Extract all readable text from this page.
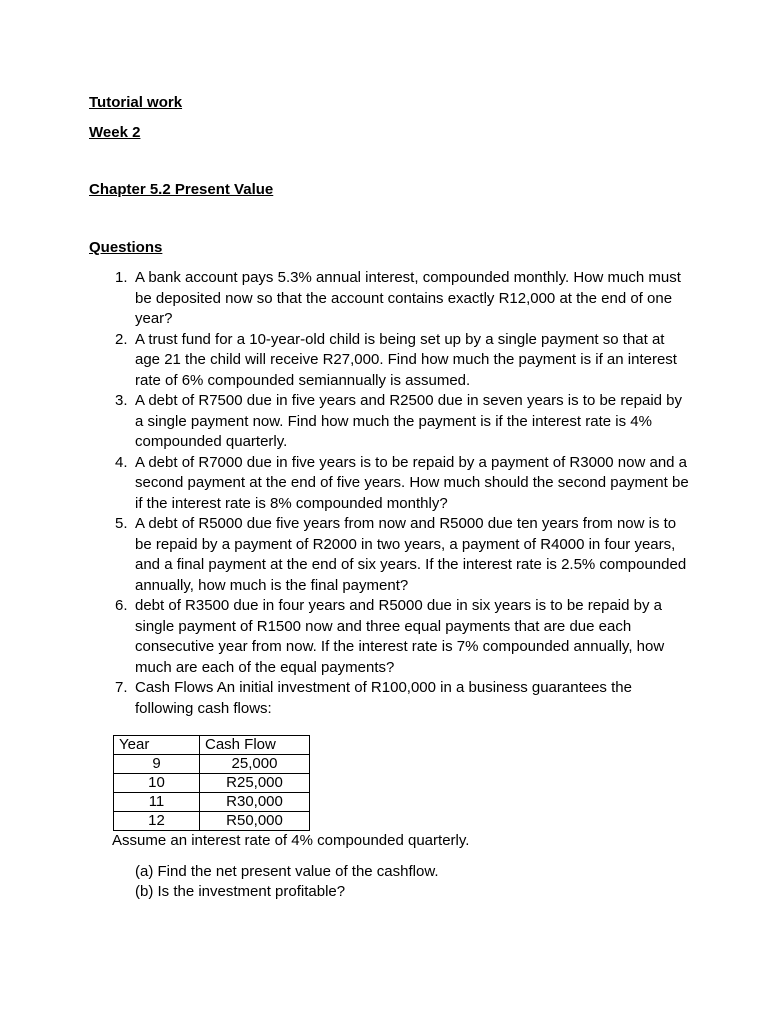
Tutorial work
Week 2
Chapter 5.2 Present Value
Questions
1. A bank account pays 5.3% annual interest, compounded monthly. How much must be deposited now so that the account contains exactly R12,000 at the end of one year?
2. A trust fund for a 10-year-old child is being set up by a single payment so that at age 21 the child will receive R27,000. Find how much the payment is if an interest rate of 6% compounded semiannually is assumed.
3. A debt of R7500 due in five years and R2500 due in seven years is to be repaid by a single payment now. Find how much the payment is if the interest rate is 4% compounded quarterly.
4. A debt of R7000 due in five years is to be repaid by a payment of R3000 now and a second payment at the end of five years. How much should the second payment be if the interest rate is 8% compounded monthly?
5. A debt of R5000 due five years from now and R5000 due ten years from now is to be repaid by a payment of R2000 in two years, a payment of R4000 in four years, and a final payment at the end of six years. If the interest rate is 2.5% compounded annually, how much is the final payment?
6. debt of R3500 due in four years and R5000 due in six years is to be repaid by a single payment of R1500 now and three equal payments that are due each consecutive year from now. If the interest rate is 7% compounded annually, how much are each of the equal payments?
7. Cash Flows An initial investment of R100,000 in a business guarantees the following cash flows:
Year	Cash Flow
9	25,000
10	R25,000
11	R30,000
12	R50,000
Assume an interest rate of 4% compounded quarterly.
(a) Find the net present value of the cashflow.
(b) Is the investment profitable?
